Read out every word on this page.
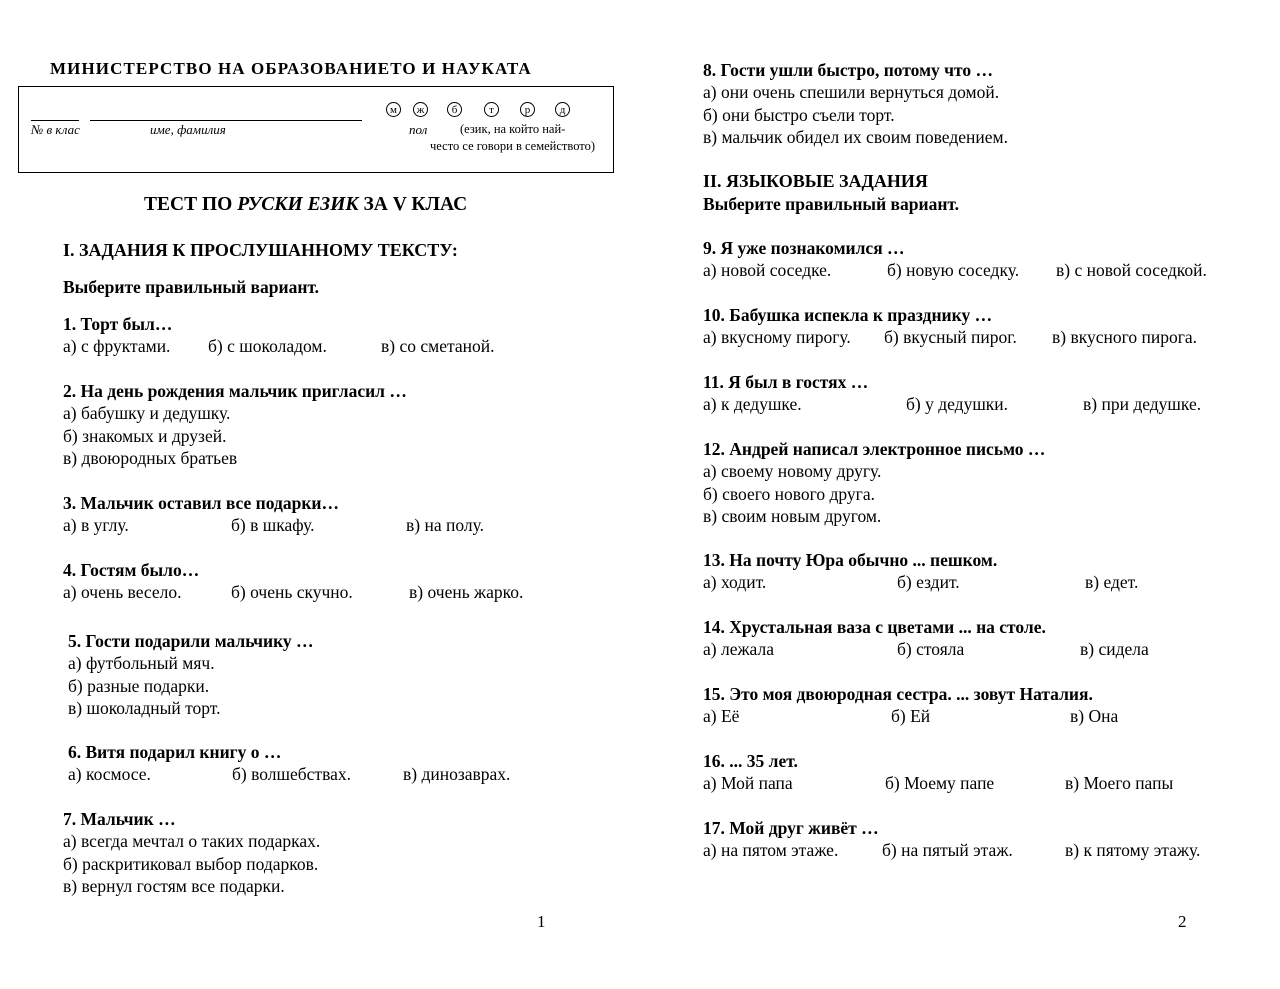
МИНИСТЕРСТВО НА ОБРАЗОВАНИЕТО И НАУКАТА
№ в клас	име, фамилия	пол	(език, на който най-
често се говори в семейството)
м	ж	б	т	р	д
ТЕСТ ПО РУСКИ ЕЗИК ЗА V КЛАС
I. ЗАДАНИЯ К ПРОСЛУШАННОМУ ТЕКСТУ:
Выберите правильный вариант.
1. Торт был…
а) с фруктами. б) с шоколадом.	в) со сметаной.
2. На день рождения мальчик пригласил …
а) бабушку и дедушку.
б) знакомых и друзей.
в) двоюродных братьев
3. Мальчик оставил все подарки…
а) в углу.	б) в шкафу.	в) на полу.
4. Гостям было…
а) очень весело.	б) очень скучно.	в) очень жарко.
5. Гости подарили мальчику …
а) футбольный мяч.
б) разные подарки.
в) шоколадный торт.
6. Витя подарил книгу о …
а) космосе.	б) волшебствах.	в) динозаврах.
7. Мальчик …
а) всегда мечтал о таких подарках.
б) раскритиковал выбор подарков.
в) вернул гостям все подарки.
1
8. Гости ушли быстро, потому что …
а) они очень спешили вернуться домой.
б) они быстро съели торт.
в) мальчик обидел их своим поведением.
II. ЯЗЫКОВЫЕ ЗАДАНИЯ
Выберите правильный вариант.
9. Я уже познакомился …
а) новой соседке.	б) новую соседку. в) с новой соседкой.
10. Бабушка испекла к празднику …
а) вкусному пирогу. б) вкусный пирог. в) вкусного пирога.
11. Я был в гостях …
а) к дедушке.	б) у дедушки.	в) при дедушке.
12. Андрей написал электронное письмо …
а) своему новому другу.
б) своего нового друга.
в) своим новым другом.
13. На почту Юра обычно ... пешком.
а) ходит.	б) ездит.	в) едет.
14. Хрустальная ваза с цветами ... на столе.
а) лежала	б) стояла	в) сидела
15. Это моя двоюродная сестра. ... зовут Наталия.
а) Её	б) Ей	в) Она
16. ... 35 лет.
а) Мой папа	б) Моему папе	в) Моего папы
17. Мой друг живёт …
а) на пятом этаже. б) на пятый этаж.	в) к пятому этажу.
2
